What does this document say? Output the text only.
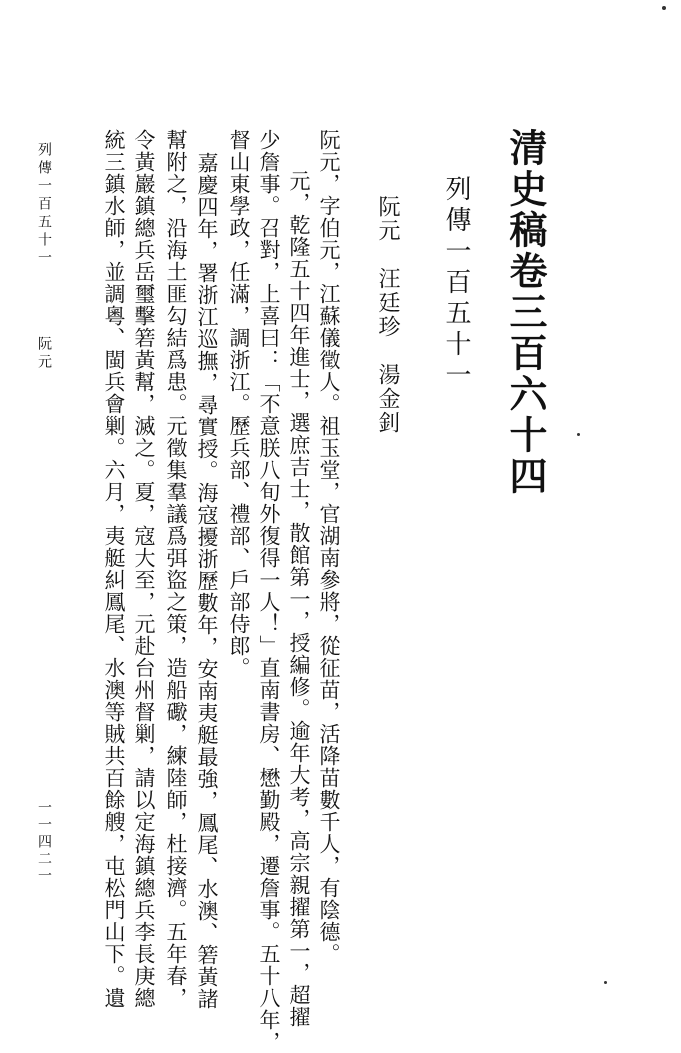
清史稿卷三百六十四
列傳一百五十一
阮元　汪廷珍　湯金釗
阮元，字伯元，江蘇儀徵人。祖玉堂，官湖南參將，從征苗，活降苗數千人，有陰德。
元，乾隆五十四年進士，選庶吉士，散館第一，授編修。逾年大考，高宗親擢第一，超擢
少詹事。召對，上喜曰：「不意朕八旬外復得一人！」直南書房、懋勤殿，遷詹事。五十八年，
督山東學政，任滿，調浙江。歷兵部、禮部、戶部侍郎。
嘉慶四年，署浙江巡撫，尋實授。海寇擾浙歷數年，安南夷艇最強，鳳尾、水澳、箬黃諸
幫附之，沿海土匪勾結爲患。元徵集羣議爲弭盜之策，造船礮，練陸師，杜接濟。五年春，
令黃巖鎮總兵岳璽擊箬黃幫，滅之。夏，寇大至，元赴台州督剿，請以定海鎮總兵李長庚總
統三鎮水師，並調粵、閩兵會剿。六月，夷艇糾鳳尾、水澳等賊共百餘艘，屯松門山下。遺
列傳一百五十一
阮元
一一四二一
